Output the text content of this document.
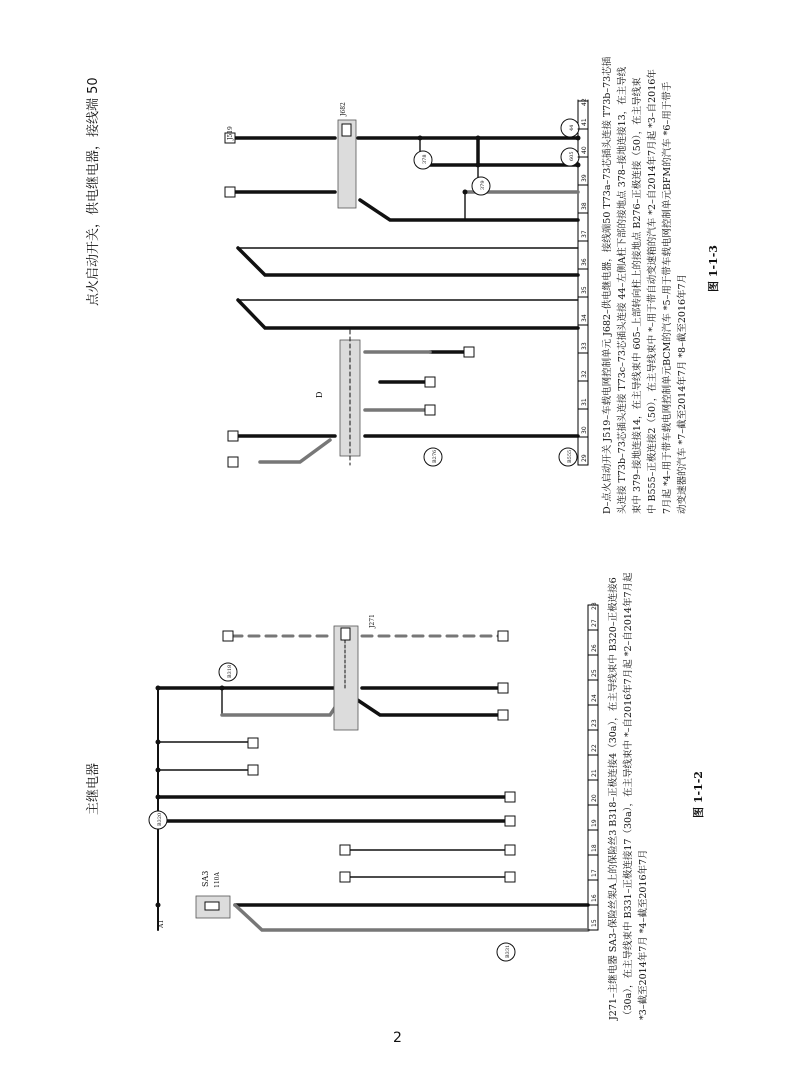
A1
SA3 110A
J271
B320
B318
B331
D
J682
J519
378
379
44
605
B276	B555
15
16
17
18
19
20
21
22
23
24
25
26
27
28
29
30
31
32
33
34
35
36
37
38
39
40
41
42
主继电器
点火启动开关，供电继电器，接线端 50
图 1-1-2
图 1-1-3
J271–主继电器 SA3–保险丝架A上的保险丝3 B318–正极连接4（30a），在主导线束中 B320–正极连接6 （30a），在主导线束中 B331–正极连接17（30a），在主导线束中 *–自2016年7月起 *2–自2014年7月起 *3–截至2014年7月 *4–截至2016年7月
D–点火启动开关 J519–车载电网控制单元 J682–供电继电器，接线端50 T73a–73芯插头连接 T73b–73芯插 头连接 T73b–73芯插头连接 T73c–73芯插头连接 44–左侧A柱下部的接地点 378–接地连接13，在主导线 束中 379–接地连接14，在主导线束中 605–上部转向柱上的接地点 B276–正极连接（50），在主导线束 中 B555–正极连接2（50），在主导线束中 *–用于带自动变速箱的汽车 *2–自2014年7月起 *3–自2016年 7月起 *4–用于带车载电网控制单元BCM的汽车 *5–用于带车载电网控制单元BFM的汽车 *6–用于带手 动变速器的汽车 *7–截至2014年7月 *8–截至2016年7月
2
